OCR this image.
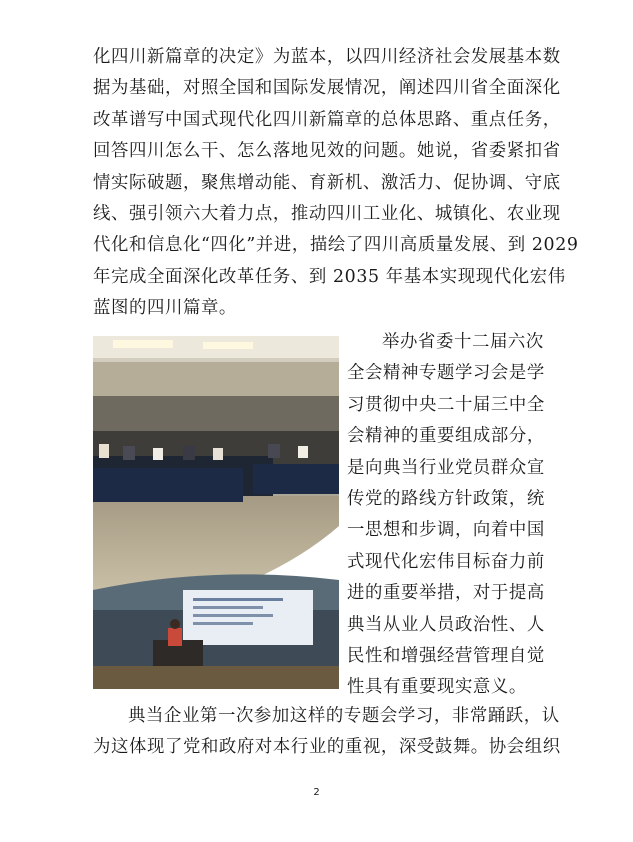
化四川新篇章的决定》为蓝本，以四川经济社会发展基本数
据为基础，对照全国和国际发展情况，阐述四川省全面深化
改革谱写中国式现代化四川新篇章的总体思路、重点任务，
回答四川怎么干、怎么落地见效的问题。她说，省委紧扣省
情实际破题，聚焦增动能、育新机、激活力、促协调、守底
线、强引领六大着力点，推动四川工业化、城镇化、农业现
代化和信息化“四化”并进，描绘了四川高质量发展、到 2029
年完成全面深化改革任务、到 2035 年基本实现现代化宏伟
蓝图的四川篇章。
举办省委十二届六次
全会精神专题学习会是学
习贯彻中央二十届三中全
会精神的重要组成部分，
是向典当行业党员群众宣
传党的路线方针政策，统
一思想和步调，向着中国
式现代化宏伟目标奋力前
进的重要举措，对于提高
典当从业人员政治性、人
民性和增强经营管理自觉
性具有重要现实意义。
典当企业第一次参加这样的专题会学习，非常踊跃，认
为这体现了党和政府对本行业的重视，深受鼓舞。协会组织
2
